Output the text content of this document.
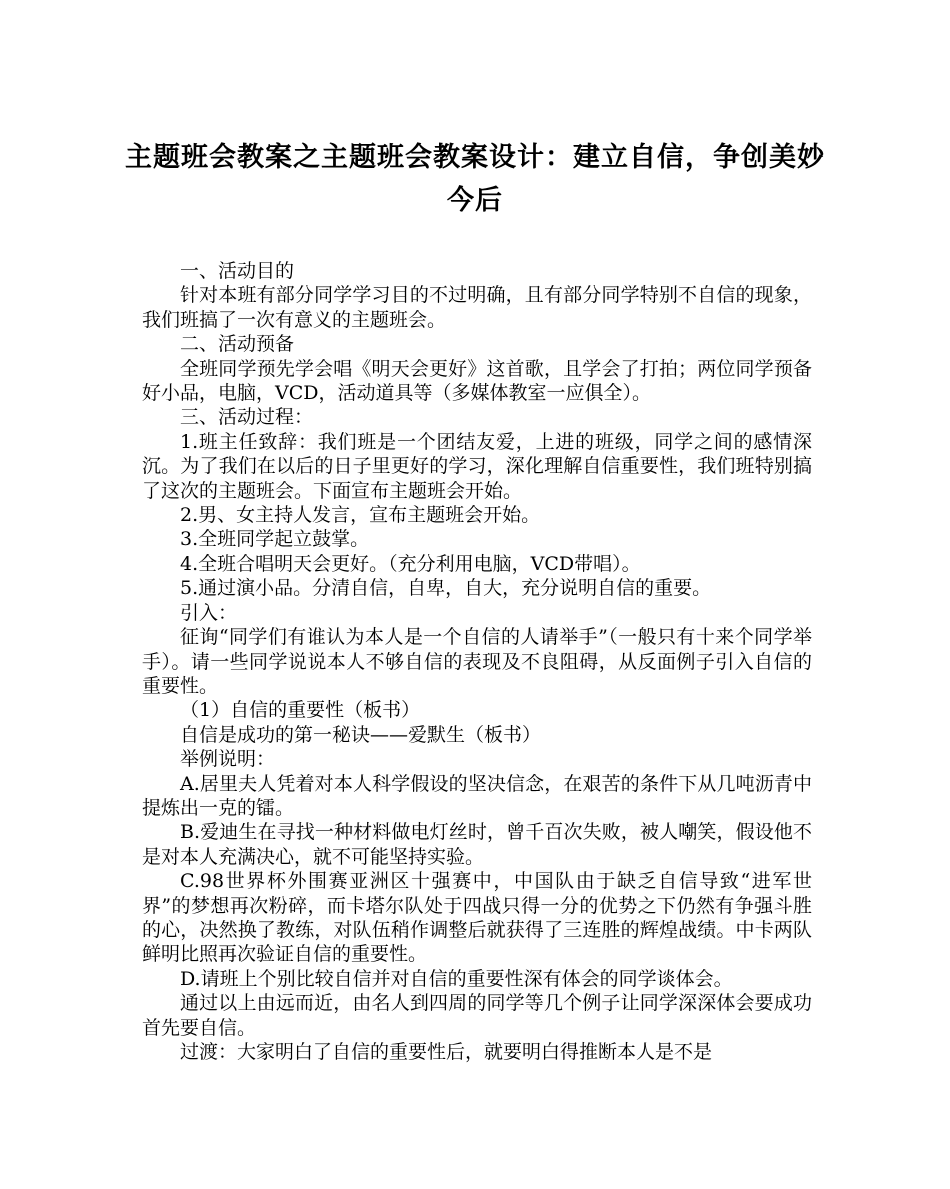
主题班会教案之主题班会教案设计：建立自信，争创美妙今后

一、活动目的

针对本班有部分同学学习目的不过明确，且有部分同学特别不自信的现象，我们班搞了一次有意义的主题班会。

二、活动预备

全班同学预先学会唱《明天会更好》这首歌，且学会了打拍；两位同学预备好小品，电脑，VCD，活动道具等（多媒体教室一应俱全）。

三、活动过程：

1.班主任致辞：我们班是一个团结友爱，上进的班级，同学之间的感情深沉。为了我们在以后的日子里更好的学习，深化理解自信重要性，我们班特别搞了这次的主题班会。下面宣布主题班会开始。

2.男、女主持人发言，宣布主题班会开始。

3.全班同学起立鼓掌。

4.全班合唱明天会更好。（充分利用电脑，VCD带唱）。

5.通过演小品。分清自信，自卑，自大，充分说明自信的重要。

引入：

征询“同学们有谁认为本人是一个自信的人请举手”（一般只有十来个同学举手）。请一些同学说说本人不够自信的表现及不良阻碍，从反面例子引入自信的重要性。

（1）自信的重要性（板书）

自信是成功的第一秘诀——爱默生（板书）

举例说明：

A.居里夫人凭着对本人科学假设的坚决信念，在艰苦的条件下从几吨沥青中提炼出一克的镭。

B.爱迪生在寻找一种材料做电灯丝时，曾千百次失败，被人嘲笑，假设他不是对本人充满决心，就不可能坚持实验。

C.98世界杯外围赛亚洲区十强赛中，中国队由于缺乏自信导致“进军世界”的梦想再次粉碎，而卡塔尔队处于四战只得一分的优势之下仍然有争强斗胜的心，决然换了教练，对队伍稍作调整后就获得了三连胜的辉煌战绩。中卡两队鲜明比照再次验证自信的重要性。

D.请班上个别比较自信并对自信的重要性深有体会的同学谈体会。

通过以上由远而近，由名人到四周的同学等几个例子让同学深深体会要成功首先要自信。

过渡：大家明白了自信的重要性后，就要明白得推断本人是不是
